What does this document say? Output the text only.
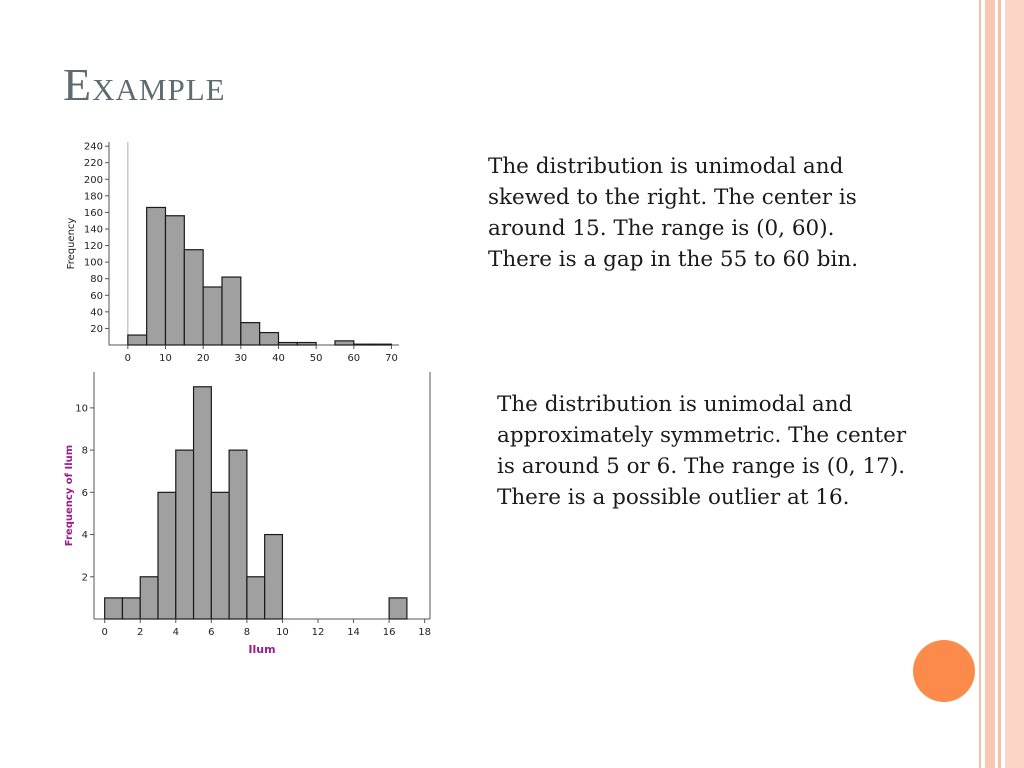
EXAMPLE
20
40
60
80
100
120
140
160
180
200
220
240
0	10 20 30 40 50 60 70
Frequency
2
4
6
8
10
0	2	4	6	8	10 12 14 16 18
Frequency of Ilum
Ilum

The distribution is unimodal and skewed to the right. The center is around 15. The range is (0, 60). There is a gap in the 55 to 60 bin.

The distribution is unimodal and approximately symmetric. The center is around 5 or 6. The range is (0, 17). There is a possible outlier at 16.
